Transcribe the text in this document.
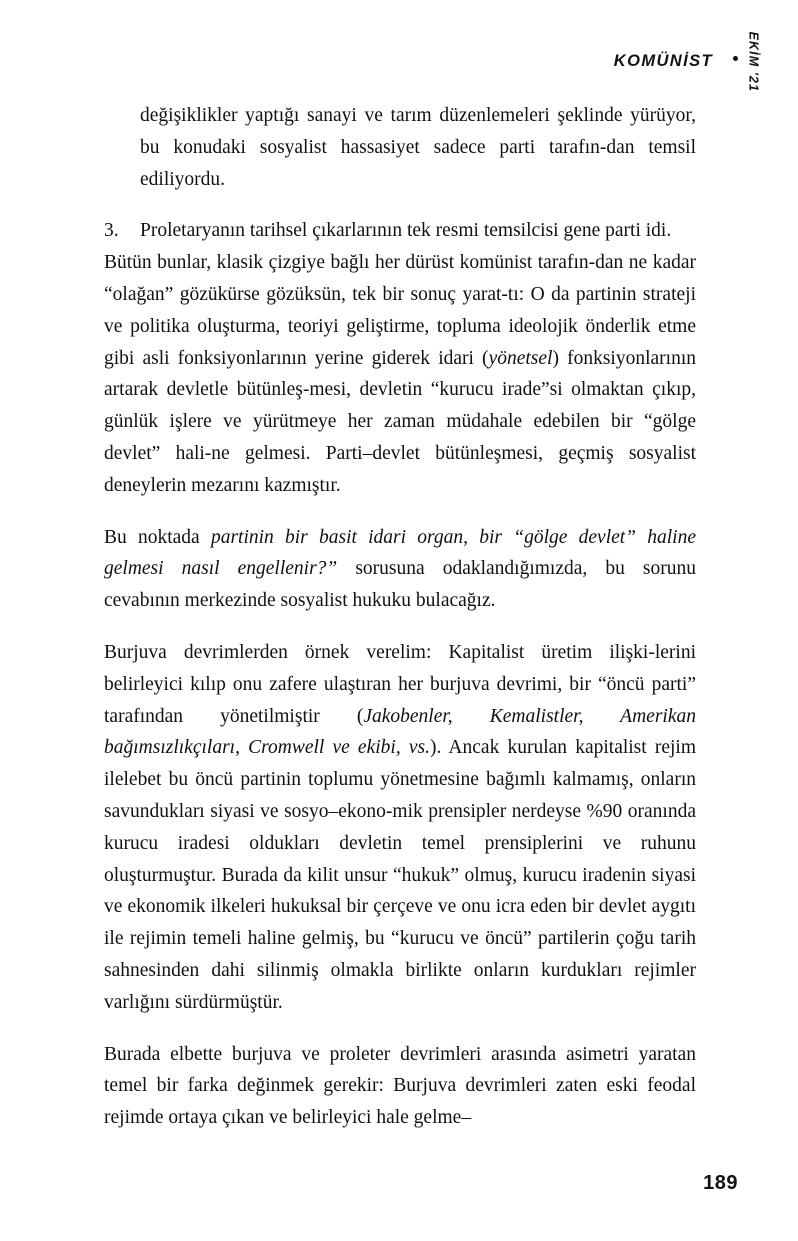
KOMÜNİST	EKİM '21

değişiklikler yaptığı sanayi ve tarım düzenlemeleri şeklinde yürüyor, bu konudaki sosyalist hassasiyet sadece parti tarafın-dan temsil ediliyordu.

3. Proletaryanın tarihsel çıkarlarının tek resmi temsilcisi gene parti idi.

Bütün bunlar, klasik çizgiye bağlı her dürüst komünist tarafın-dan ne kadar “olağan” gözükürse gözüksün, tek bir sonuç yarat-tı: O da partinin strateji ve politika oluşturma, teoriyi geliştirme, topluma ideolojik önderlik etme gibi asli fonksiyonlarının yerine giderek idari (yönetsel) fonksiyonlarının artarak devletle bütünleş-mesi, devletin “kurucu irade”si olmaktan çıkıp, günlük işlere ve yürütmeye her zaman müdahale edebilen bir “gölge devlet” hali-ne gelmesi. Parti–devlet bütünleşmesi, geçmiş sosyalist deneylerin mezarını kazmıştır.

Bu noktada partinin bir basit idari organ, bir “gölge devlet” haline gelmesi nasıl engellenir?” sorusuna odaklandığımızda, bu sorunu cevabının merkezinde sosyalist hukuku bulacağız.

Burjuva devrimlerden örnek verelim: Kapitalist üretim ilişki-lerini belirleyici kılıp onu zafere ulaştıran her burjuva devrimi, bir “öncü parti” tarafından yönetilmiştir (Jakobenler, Kemalistler, Amerikan bağımsızlıkçıları, Cromwell ve ekibi, vs.). Ancak kurulan kapitalist rejim ilelebet bu öncü partinin toplumu yönetmesine bağımlı kalmamış, onların savundukları siyasi ve sosyo–ekono-mik prensipler nerdeyse %90 oranında kurucu iradesi oldukları devletin temel prensiplerini ve ruhunu oluşturmuştur. Burada da kilit unsur “hukuk” olmuş, kurucu iradenin siyasi ve ekonomik ilkeleri hukuksal bir çerçeve ve onu icra eden bir devlet aygıtı ile rejimin temeli haline gelmiş, bu “kurucu ve öncü” partilerin çoğu tarih sahnesinden dahi silinmiş olmakla birlikte onların kurdukları rejimler varlığını sürdürmüştür.

Burada elbette burjuva ve proleter devrimleri arasında asimetri yaratan temel bir farka değinmek gerekir: Burjuva devrimleri zaten eski feodal rejimde ortaya çıkan ve belirleyici hale gelme–

189
